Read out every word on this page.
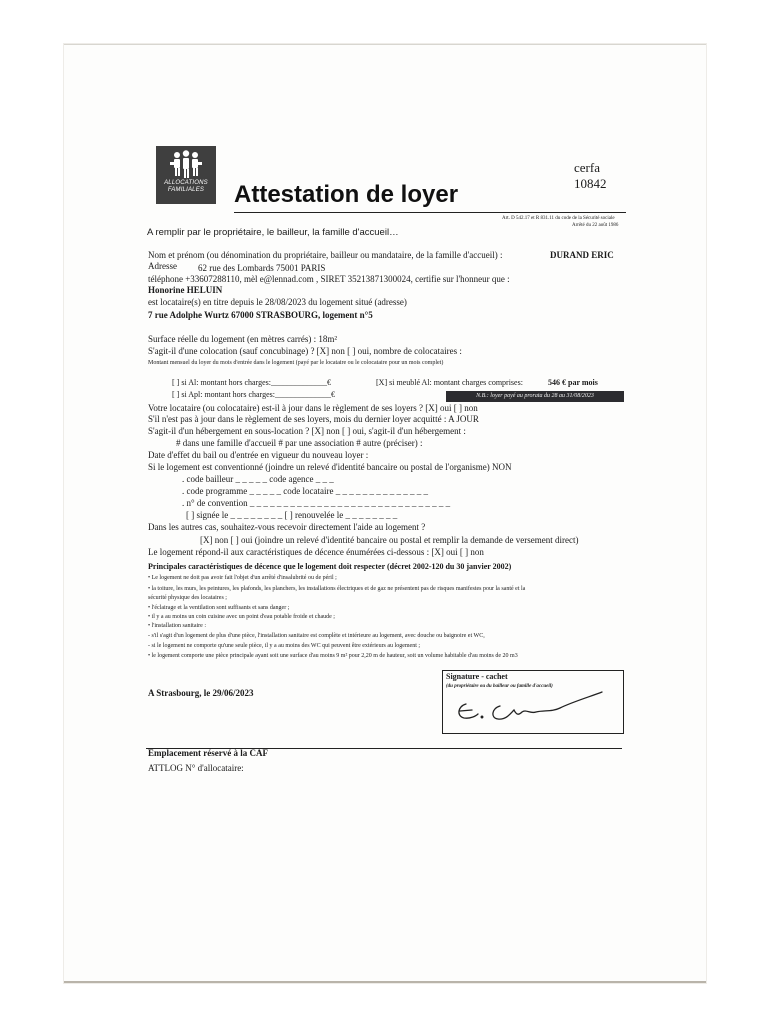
ALLOCATIONS
FAMILIALES Attestation de loyer
cerfa
10842
Art. D 542.17 et R 831.11 du code de la Sécurité sociale
Arrêté du 22 août 1986
A remplir par le propriétaire, le bailleur, la famille d'accueil…
Nom et prénom (ou dénomination du propriétaire, bailleur ou mandataire, de la famille d'accueil) :	DURAND ERIC
Adresse 62 rue des Lombards 75001 PARIS
téléphone +33607288110, mèl e@lennad.com , SIRET 35213871300024, certifie sur l'honneur que :
Honorine HELUIN
est locataire(s) en titre depuis le 28/08/2023 du logement situé (adresse)
7 rue Adolphe Wurtz 67000 STRASBOURG, logement n°5
Surface réelle du logement (en mètres carrés) : 18m²
S'agit-il d'une colocation (sauf concubinage) ? [X] non [ ] oui, nombre de colocataires :
Montant mensuel du loyer du mois d'entrée dans le logement (payé par le locataire ou le colocataire pour un mois complet)
[ ] si Al: montant hors charges:______________€	[X] si meublé Al: montant charges comprises:	546 € par mois
[ ] si Apl: montant hors charges:______________€	N.B.: loyer payé au prorata du 28 au 31/08/2023
Votre locataire (ou colocataire) est-il à jour dans le règlement de ses loyers ? [X] oui [ ] non
S'il n'est pas à jour dans le règlement de ses loyers, mois du dernier loyer acquitté : A JOUR
S'agit-il d'un hébergement en sous-location ? [X] non [ ] oui, s'agit-il d'un hébergement :
# dans une famille d'accueil # par une association # autre (préciser) :
Date d'effet du bail ou d'entrée en vigueur du nouveau loyer :
Si le logement est conventionné (joindre un relevé d'identité bancaire ou postal de l'organisme) NON
. code bailleur _ _ _ _ _ code agence _ _ _
. code programme _ _ _ _ _ code locataire _ _ _ _ _ _ _ _ _ _ _ _ _ _
. n° de convention _ _ _ _ _ _ _ _ _ _ _ _ _ _ _ _ _ _ _ _ _ _ _ _ _ _ _ _ _ _
[ ] signée le _ _ _ _ _ _ _ _ [ ] renouvelée le _ _ _ _ _ _ _ _
Dans les autres cas, souhaitez-vous recevoir directement l'aide au logement ?
[X] non [ ] oui (joindre un relevé d'identité bancaire ou postal et remplir la demande de versement direct)
Le logement répond-il aux caractéristiques de décence énumérées ci-dessous : [X] oui [ ] non
Principales caractéristiques de décence que le logement doit respecter (décret 2002-120 du 30 janvier 2002)
• Le logement ne doit pas avoir fait l'objet d'un arrêté d'insalubrité ou de péril ;
• la toiture, les murs, les peintures, les plafonds, les planchers, les installations électriques et de gaz ne présentent pas de risques manifestes pour la santé et la
sécurité physique des locataires ;
• l'éclairage et la ventilation sont suffisants et sans danger ;
• il y a au moins un coin cuisine avec un point d'eau potable froide et chaude ;
• l'installation sanitaire :
- s'il s'agit d'un logement de plus d'une pièce, l'installation sanitaire est complète et intérieure au logement, avec douche ou baignoire et WC,
- si le logement ne comporte qu'une seule pièce, il y a au moins des WC qui peuvent être extérieurs au logement ;
• le logement comporte une pièce principale ayant soit une surface d'au moins 9 m² pour 2,20 m de hauteur, soit un volume habitable d'au moins de 20 m3
A Strasbourg, le 29/06/2023
Signature - cachet
(du propriétaire ou du bailleur ou famille d'accueil)
Emplacement réservé à la CAF
ATTLOG N° d'allocataire:
